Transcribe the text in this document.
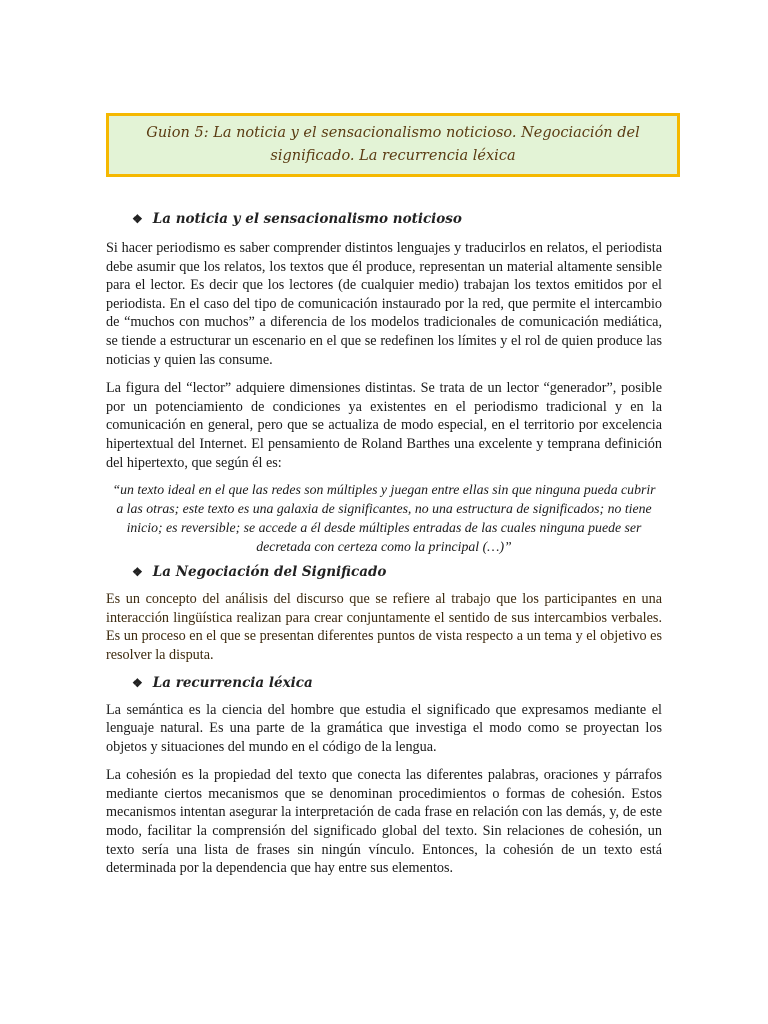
Guion 5: La noticia y el sensacionalismo noticioso. Negociación del significado. La recurrencia léxica
❖ La noticia y el sensacionalismo noticioso

Si hacer periodismo es saber comprender distintos lenguajes y traducirlos en relatos, el periodista debe asumir que los relatos, los textos que él produce, representan un material altamente sensible para el lector. Es decir que los lectores (de cualquier medio) trabajan los textos emitidos por el periodista. En el caso del tipo de comunicación instaurado por la red, que permite el intercambio de “muchos con muchos” a diferencia de los modelos tradicionales de comunicación mediática, se tiende a estructurar un escenario en el que se redefinen los límites y el rol de quien produce las noticias y quien las consume.

La figura del “lector” adquiere dimensiones distintas. Se trata de un lector “generador”, posible por un potenciamiento de condiciones ya existentes en el periodismo tradicional y en la comunicación en general, pero que se actualiza de modo especial, en el territorio por excelencia hipertextual del Internet. El pensamiento de Roland Barthes una excelente y temprana definición del hipertexto, que según él es:

“un texto ideal en el que las redes son múltiples y juegan entre ellas sin que ninguna pueda cubrir a las otras; este texto es una galaxia de significantes, no una estructura de significados; no tiene inicio; es reversible; se accede a él desde múltiples entradas de las cuales ninguna puede ser decretada con certeza como la principal (…)”

❖ La Negociación del Significado

Es un concepto del análisis del discurso que se refiere al trabajo que los participantes en una interacción lingüística realizan para crear conjuntamente el sentido de sus intercambios verbales. Es un proceso en el que se presentan diferentes puntos de vista respecto a un tema y el objetivo es resolver la disputa.

❖ La recurrencia léxica

La semántica es la ciencia del hombre que estudia el significado que expresamos mediante el lenguaje natural. Es una parte de la gramática que investiga el modo como se proyectan los objetos y situaciones del mundo en el código de la lengua.

La cohesión es la propiedad del texto que conecta las diferentes palabras, oraciones y párrafos mediante ciertos mecanismos que se denominan procedimientos o formas de cohesión. Estos mecanismos intentan asegurar la interpretación de cada frase en relación con las demás, y, de este modo, facilitar la comprensión del significado global del texto. Sin relaciones de cohesión, un texto sería una lista de frases sin ningún vínculo. Entonces, la cohesión de un texto está determinada por la dependencia que hay entre sus elementos.
